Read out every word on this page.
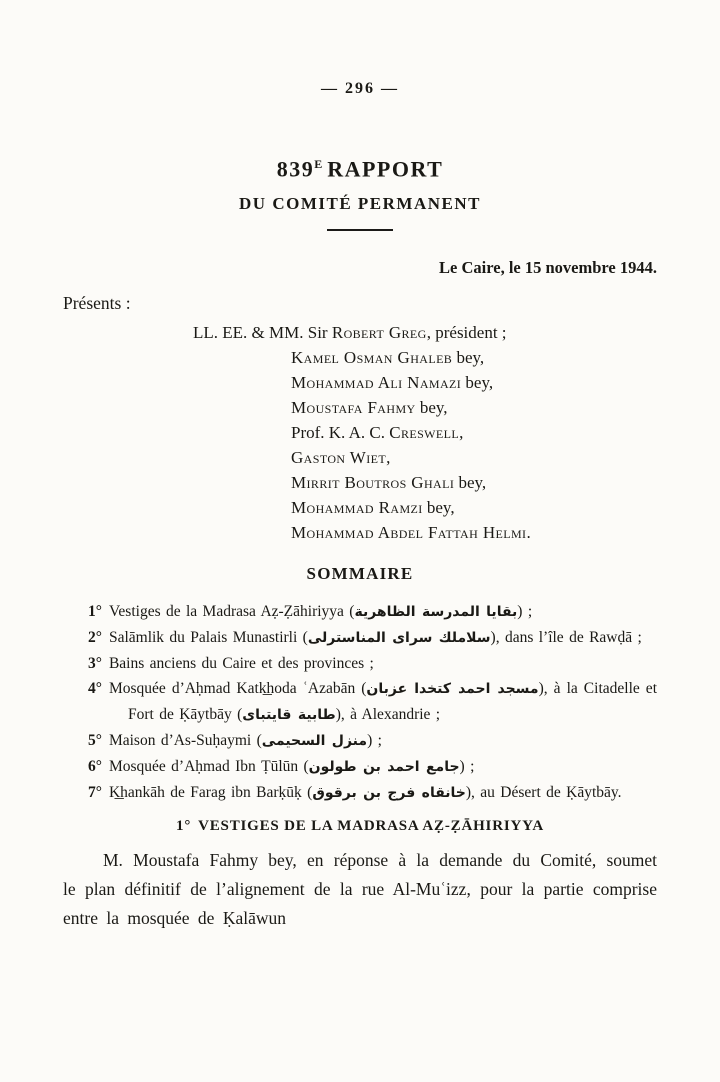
— 296 —
$839^E$ RAPPORT
DU COMITÉ PERMANENT
Le Caire, le 15 novembre 1944.
Présents :
LL. EE. & MM. Sir Robert Greg, président ;
Kamel Osman Ghaleb bey,
Mohammad Ali Namazi bey,
Moustafa Fahmy bey,
Prof. K. A. C. Creswell,
Gaston Wiet,
Mirrit Boutros Ghali bey,
Mohammad Ramzi bey,
Mohammad Abdel Fattah Helmi.
SOMMAIRE
1° Vestiges de la Madrasa Aẓ-Ẓāhiriyya (بقايا المدرسة الظاهرية) ;
2° Salāmlik du Palais Munastirli (سلاملك سراى المناسترلى), dans l’île de Rawḍā ;
3° Bains anciens du Caire et des provinces ;
4° Mosquée d’Aḥmad Katk͟hoda ʿAzabān (مسجد احمد كتخدا عزبان), à la Citadelle et Fort de Ḳāytbāy (طابية قايتباى), à Alexandrie ;
5° Maison d’As-Suḥaymi (منزل السحيمى) ;
6° Mosquée d’Aḥmad Ibn Ṭūlūn (جامع احمد بن طولون) ;
7° K͟hankāh de Farag ibn Barḳūḳ (خانقاه فرج بن برقوق), au Désert de Ḳāytbāy.
1° VESTIGES DE LA MADRASA AẒ-ẒĀHIRIYYA

M. Moustafa Fahmy bey, en réponse à la demande du Comité, soumet le plan définitif de l’alignement de la rue Al-Muʿizz, pour la partie comprise entre la mosquée de Ḳalāwun
